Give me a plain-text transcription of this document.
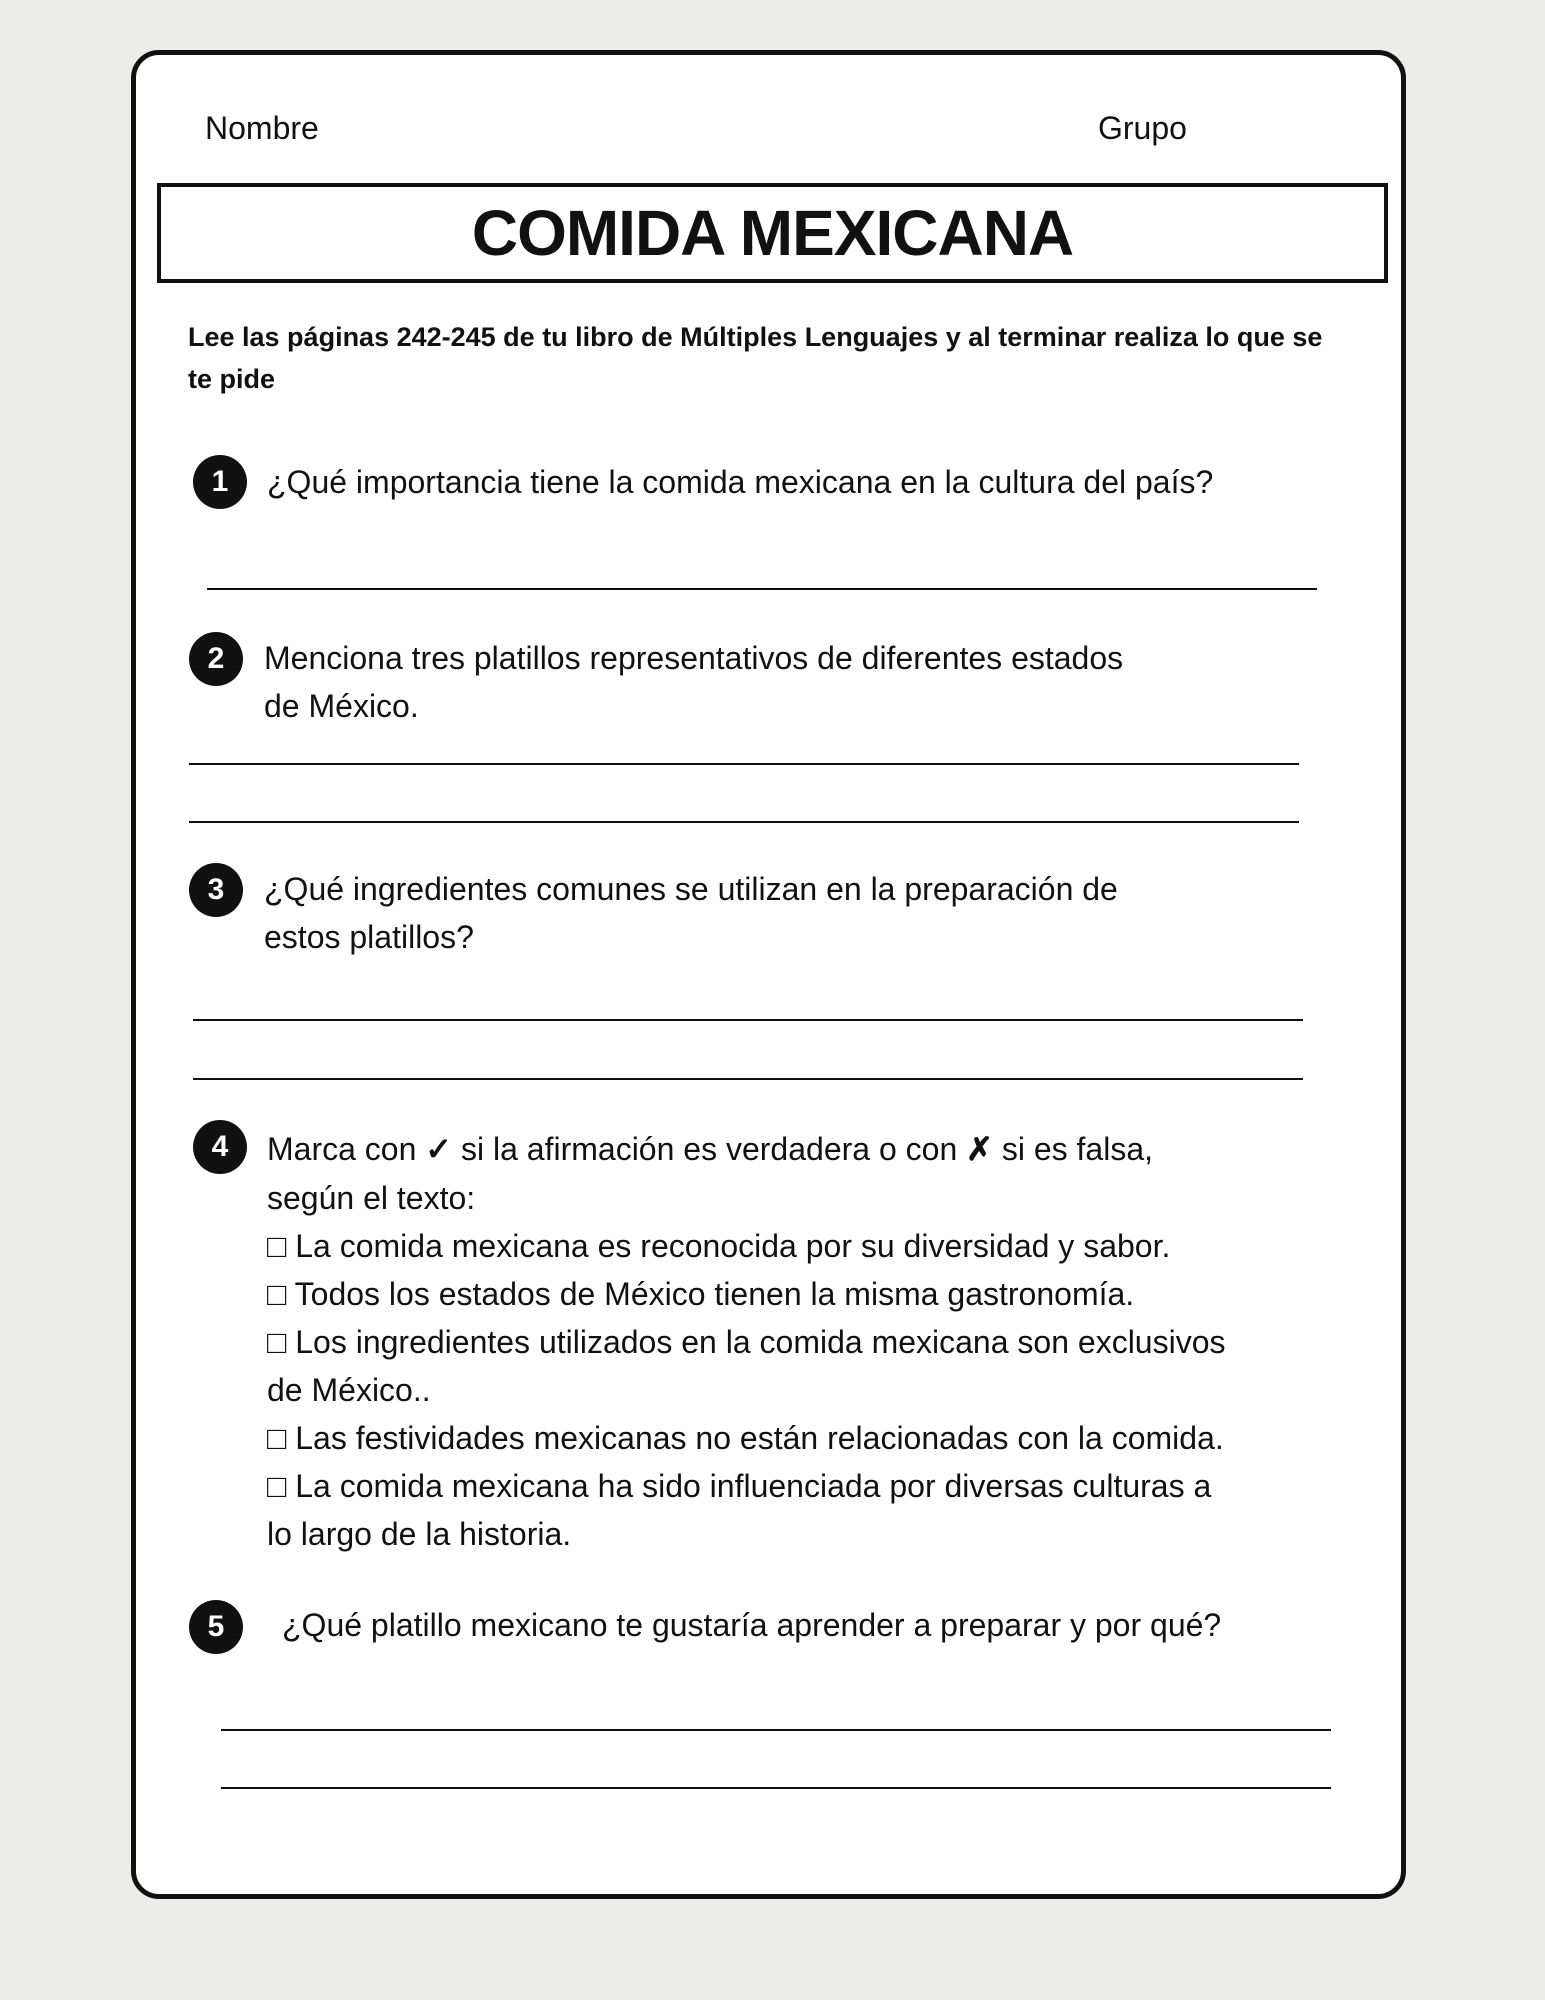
Nombre	Grupo
COMIDA MEXICANA
Lee las páginas 242-245 de tu libro de Múltiples Lenguajes y al terminar realiza lo que se te pide
1	¿Qué importancia tiene la comida mexicana en la cultura del país?
2	Menciona tres platillos representativos de diferentes estados
de México.
3	¿Qué ingredientes comunes se utilizan en la preparación de
estos platillos?
4	Marca con ✓ si la afirmación es verdadera o con ✗ si es falsa,
según el texto:
□ La comida mexicana es reconocida por su diversidad y sabor.
□ Todos los estados de México tienen la misma gastronomía.
□ Los ingredientes utilizados en la comida mexicana son exclusivos
de México..
□ Las festividades mexicanas no están relacionadas con la comida.
□ La comida mexicana ha sido influenciada por diversas culturas a
lo largo de la historia.
5	¿Qué platillo mexicano te gustaría aprender a preparar y por qué?
